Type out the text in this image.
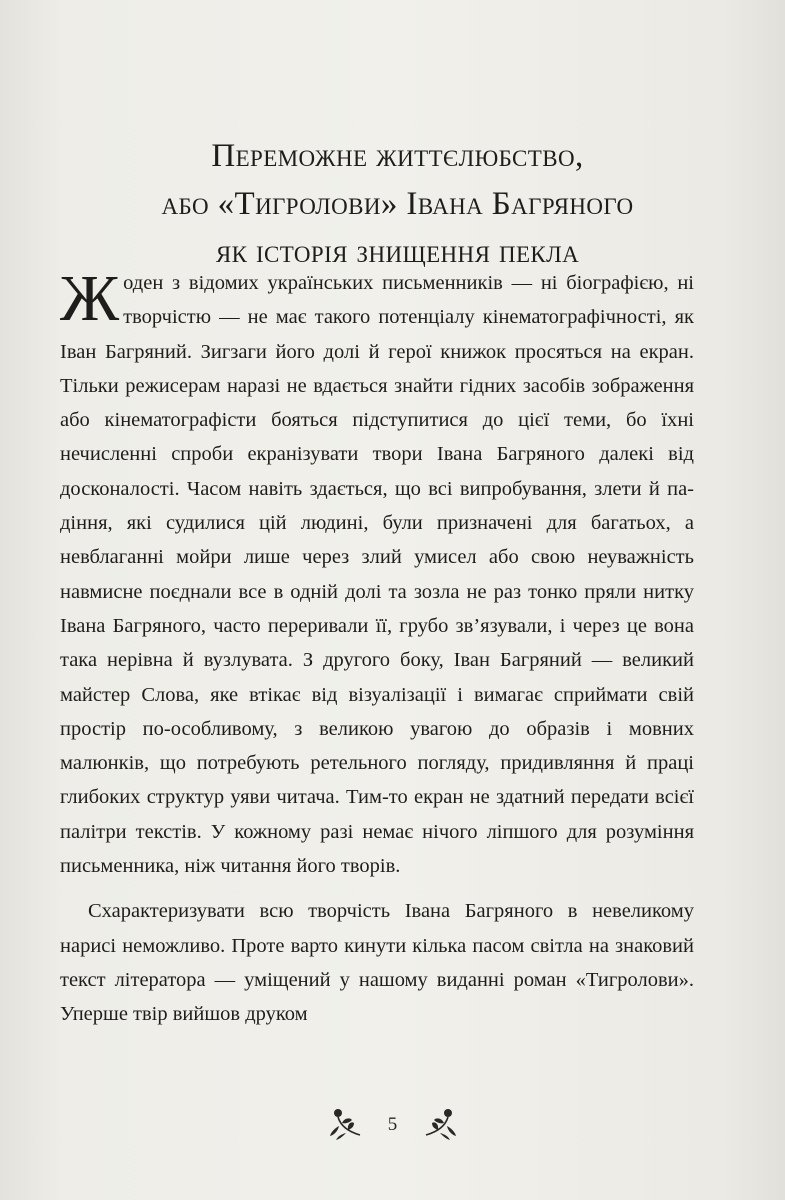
Переможне життєлюбство,
або «Тигролови» Івана Багряного
як історія знищення пекла

Жоден з відомих українських письменників — ні біографією, ні творчістю — не має такого потенціалу кінематографічності, як Іван Багряний. Зигзаги його долі й герої книжок просяться на екран. Тільки режисерам наразі не вдається знайти гідних засобів зображення або кінематографісти бояться підступитися до цієї теми, бо їхні нечисленні спроби екранізувати твори Івана Багряного далекі від досконалості. Часом навіть здається, що всі випробування, злети й падіння, які судилися цій людині, були призначені для багатьох, а невблаганні мойри лише через злий умисел або свою неуважність навмисне поєднали все в одній долі та зозла не раз тонко пряли нитку Івана Багряного, часто переривали її, грубо зв’язували, і через це вона така нерівна й вузлувата. З другого боку, Іван Багряний — великий майстер Слова, яке втікає від візуалізації і вимагає сприймати свій простір по-особливому, з великою увагою до образів і мовних малюнків, що потребують ретельного погляду, придивляння й праці глибоких структур уяви читача. Тим-то екран не здатний передати всієї палітри текстів. У кожному разі немає нічого ліпшого для розуміння письменника, ніж читання його творів.

Схарактеризувати всю творчість Івана Багряного в невеликому нарисі неможливо. Проте варто кинути кілька пасом світла на знаковий текст літератора — уміщений у нашому виданні роман «Тигролови». Уперше твір вийшов друком

5
